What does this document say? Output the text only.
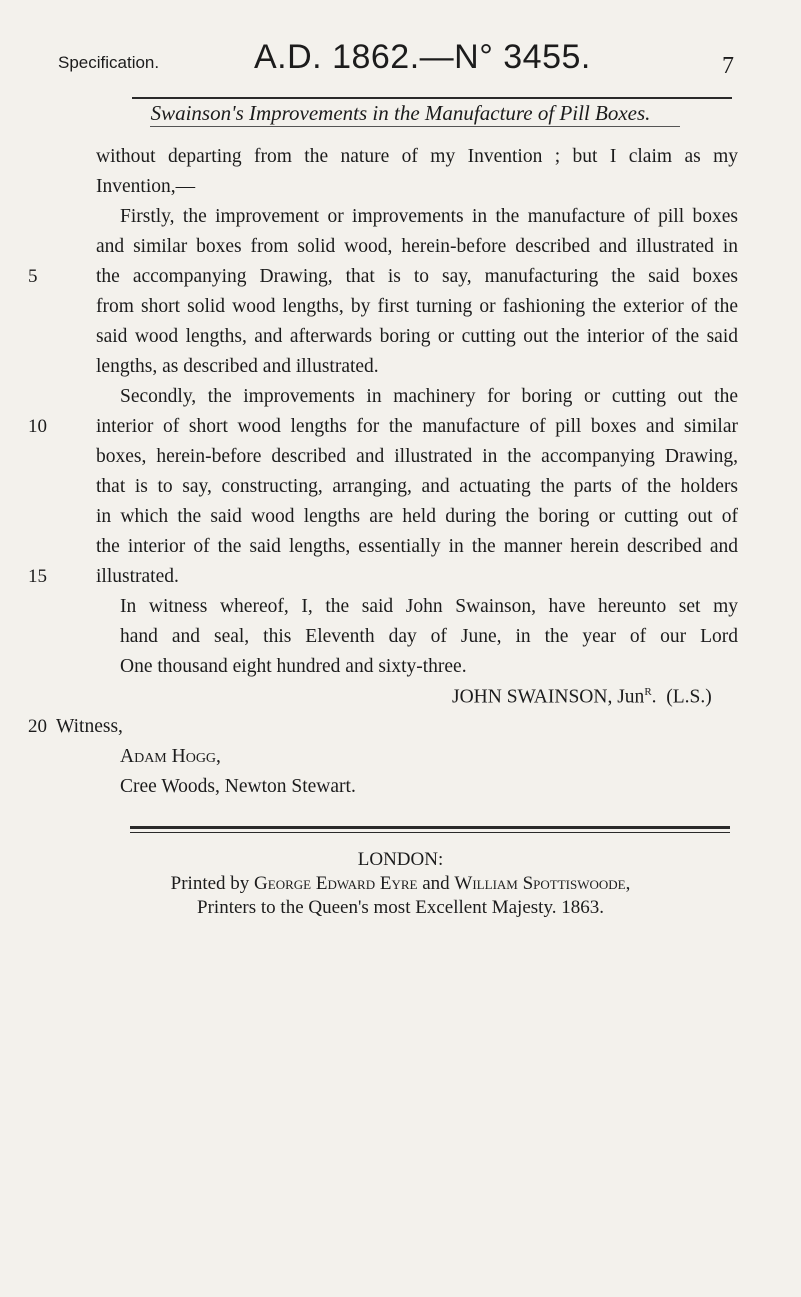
Specification.	A.D. 1862.—N° 3455.	7
Swainson's Improvements in the Manufacture of Pill Boxes.
without departing from the nature of my Invention ; but I claim as my
Invention,—
Firstly, the improvement or improvements in the manufacture of pill boxes
and similar boxes from solid wood, herein-before described and illustrated in
the accompanying Drawing, that is to say, manufacturing the said boxes
from short solid wood lengths, by first turning or fashioning the exterior of the
said wood lengths, and afterwards boring or cutting out the interior of the said
lengths, as described and illustrated.
Secondly, the improvements in machinery for boring or cutting out the
interior of short wood lengths for the manufacture of pill boxes and similar
boxes, herein-before described and illustrated in the accompanying Drawing,
that is to say, constructing, arranging, and actuating the parts of the holders
in which the said wood lengths are held during the boring or cutting out of
the interior of the said lengths, essentially in the manner herein described and
illustrated.
5
10
15
20
In witness whereof, I, the said John Swainson, have hereunto set my
hand and seal, this Eleventh day of June, in the year of our Lord
One thousand eight hundred and sixty-three.
JOHN SWAINSON, Jun$^R$.  (L.S.)
Witness,
Adam Hogg,
Cree Woods, Newton Stewart.
LONDON:
Printed by George Edward Eyre and William Spottiswoode,
Printers to the Queen's most Excellent Majesty. 1863.
